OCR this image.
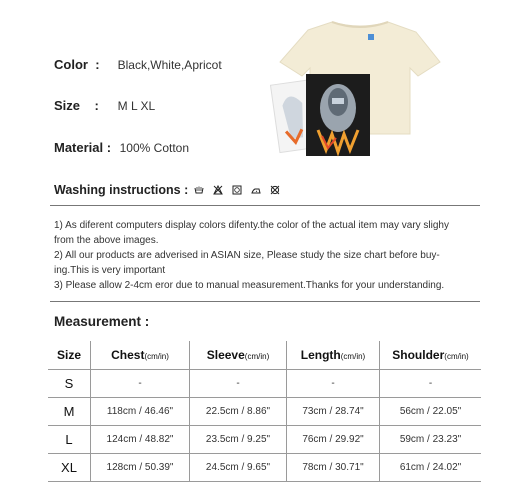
Color : Black,White,Apricot
Size : M L XL
Material : 100% Cotton
Washing instructions :

1) As diferent computers display colors difenty.the color of the actual item may vary slighy from the above images.

2) All our products are adverised in ASIAN size, Please study the size chart before buy-ing.This is very important

3) Please allow 2-4cm eror due to manual measurement.Thanks for your understanding.

Measurement :
Size	Chest(cm/in)	Sleeve(cm/in)	Length(cm/in)	Shoulder(cm/in)
S	-	-	-	-
M	118cm / 46.46"	22.5cm / 8.86"	73cm / 28.74"	56cm / 22.05"
L	124cm / 48.82"	23.5cm / 9.25"	76cm / 29.92"	59cm / 23.23"
XL	128cm / 50.39"	24.5cm / 9.65"	78cm / 30.71"	61cm / 24.02"
